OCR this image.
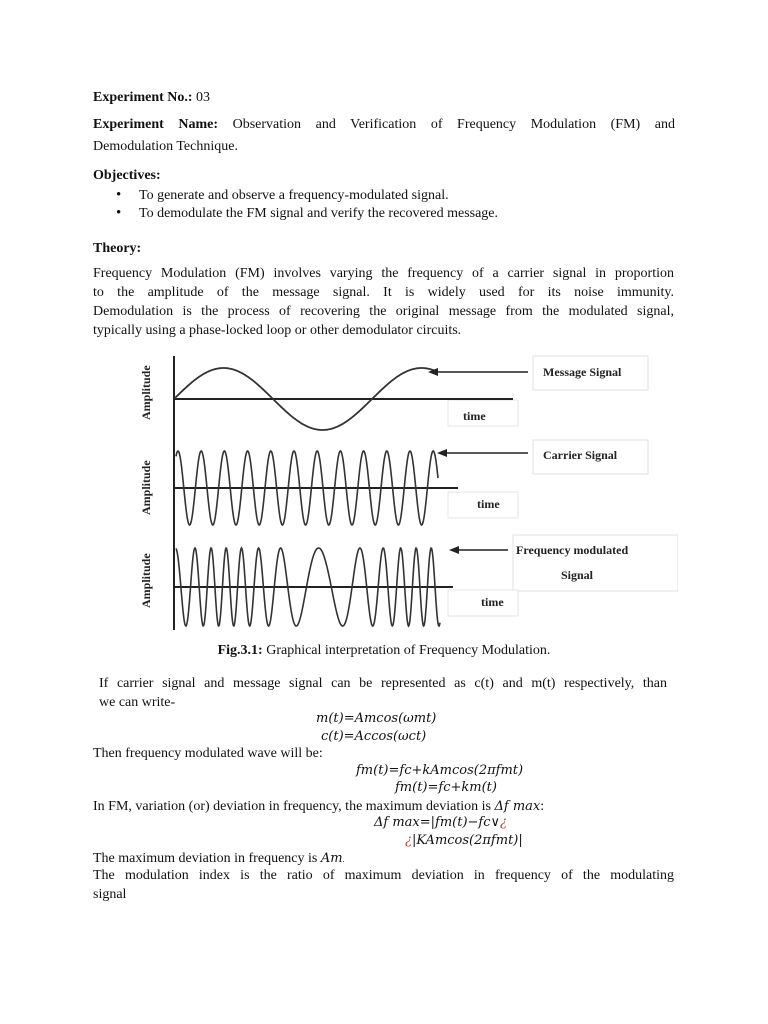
Experiment No.: 03
Experiment Name: Observation and Verification of Frequency Modulation (FM) and
Demodulation Technique.
Objectives:
• To generate and observe a frequency-modulated signal.
• To demodulate the FM signal and verify the recovered message.
Theory:
Frequency Modulation (FM) involves varying the frequency of a carrier signal in proportion
to the amplitude of the message signal. It is widely used for its noise immunity.
Demodulation is the process of recovering the original message from the modulated signal,
typically using a phase-locked loop or other demodulator circuits.
Amplitude
Amplitude
Amplitude
time
time
time
Message Signal
Carrier Signal
Frequency modulated
Signal
Fig.3.1: Graphical interpretation of Frequency Modulation.
If carrier signal and message signal can be represented as c(t) and m(t) respectively, than
we can write-
m(t)=Amcos(ωmt)
c(t)=Accos(ωct)
Then frequency modulated wave will be:
fm(t)=fc+kAmcos(2πfmt)
fm(t)=fc+km(t)
In FM, variation (or) deviation in frequency, the maximum deviation is Δf max:
Δf max=|fm(t)−fc∨¿
¿|KAmcos(2πfmt)|
The maximum deviation in frequency is Am.
The modulation index is the ratio of maximum deviation in frequency of the modulating
signal
